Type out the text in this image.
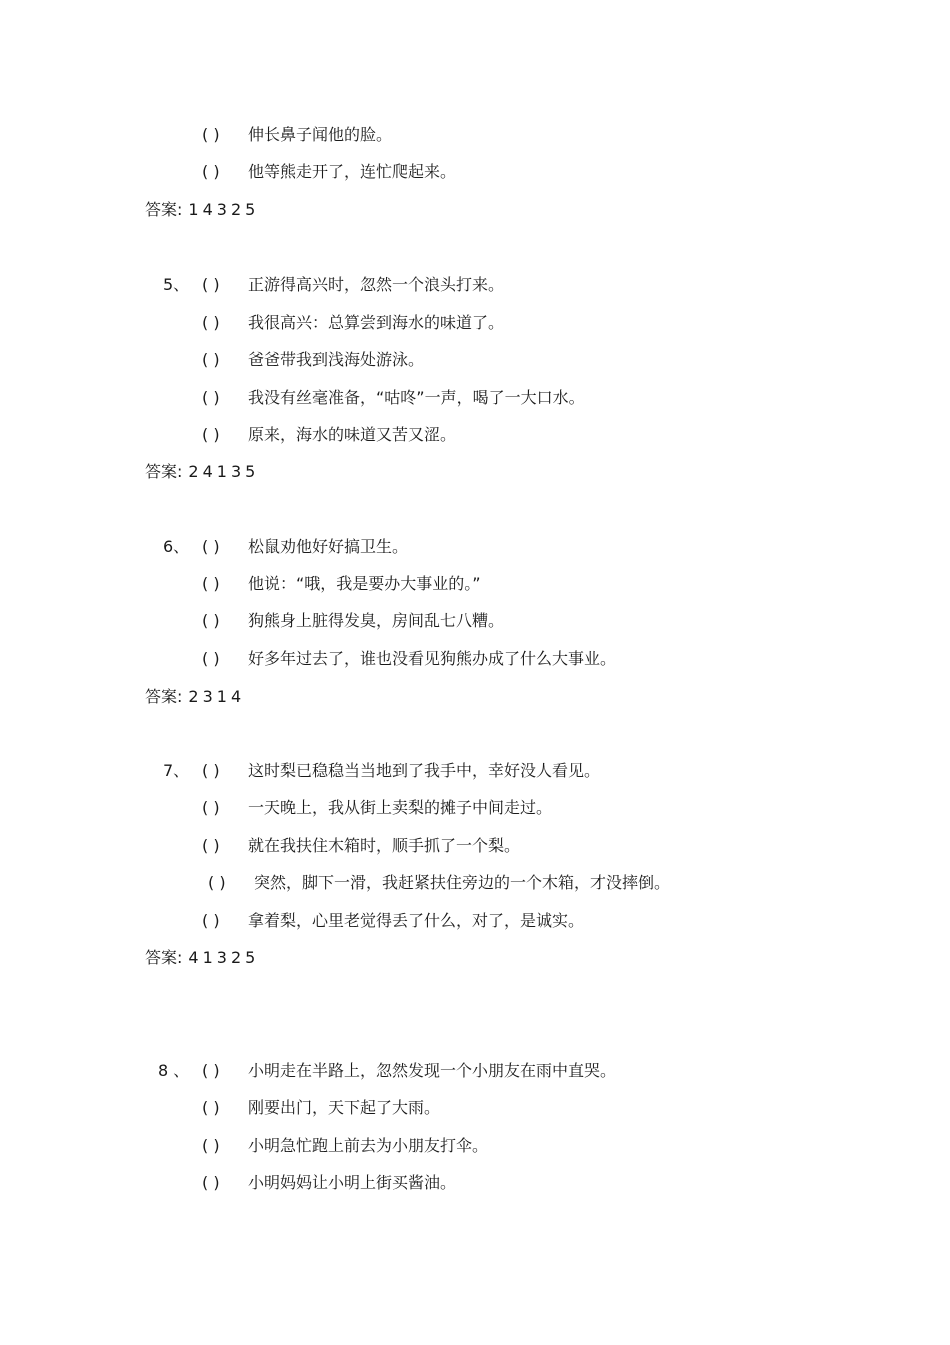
( ) 伸长鼻子闻他的脸。
( ) 他等熊走开了，连忙爬起来。
答案: 14325
5、 ( ) 正游得高兴时，忽然一个浪头打来。
( ) 我很高兴：总算尝到海水的味道了。
( ) 爸爸带我到浅海处游泳。
( ) 我没有丝毫准备，“咕咚”一声，喝了一大口水。
( ) 原来，海水的味道又苦又涩。
答案: 24135
6、 ( ) 松鼠劝他好好搞卫生。
( ) 他说：“哦，我是要办大事业的。”
( ) 狗熊身上脏得发臭，房间乱七八糟。
( ) 好多年过去了，谁也没看见狗熊办成了什么大事业。
答案: 2314
7、 ( ) 这时梨已稳稳当当地到了我手中，幸好没人看见。
( ) 一天晚上，我从街上卖梨的摊子中间走过。
( ) 就在我扶住木箱时，顺手抓了一个梨。
( ) 突然，脚下一滑，我赶紧扶住旁边的一个木箱，才没摔倒。
( ) 拿着梨，心里老觉得丢了什么，对了，是诚实。
答案: 41325
8 、 ( ) 小明走在半路上，忽然发现一个小朋友在雨中直哭。
( ) 刚要出门，天下起了大雨。
( ) 小明急忙跑上前去为小朋友打伞。
( ) 小明妈妈让小明上街买酱油。
